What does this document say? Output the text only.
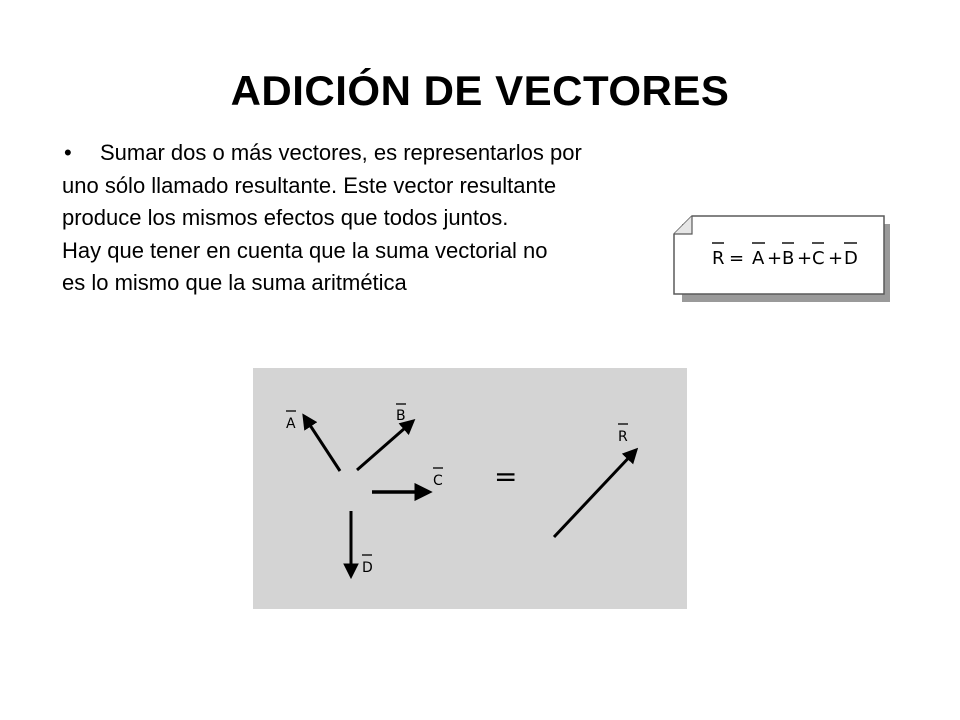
ADICIÓN DE VECTORES
• Sumar dos o más vectores, es representarlos por
uno sólo llamado resultante. Este vector resultante
produce los mismos efectos que todos juntos.
Hay que tener en cuenta que la suma vectorial no
es lo mismo que la suma aritmética
R = A + B + C + D
A	B
C
D
=
R
